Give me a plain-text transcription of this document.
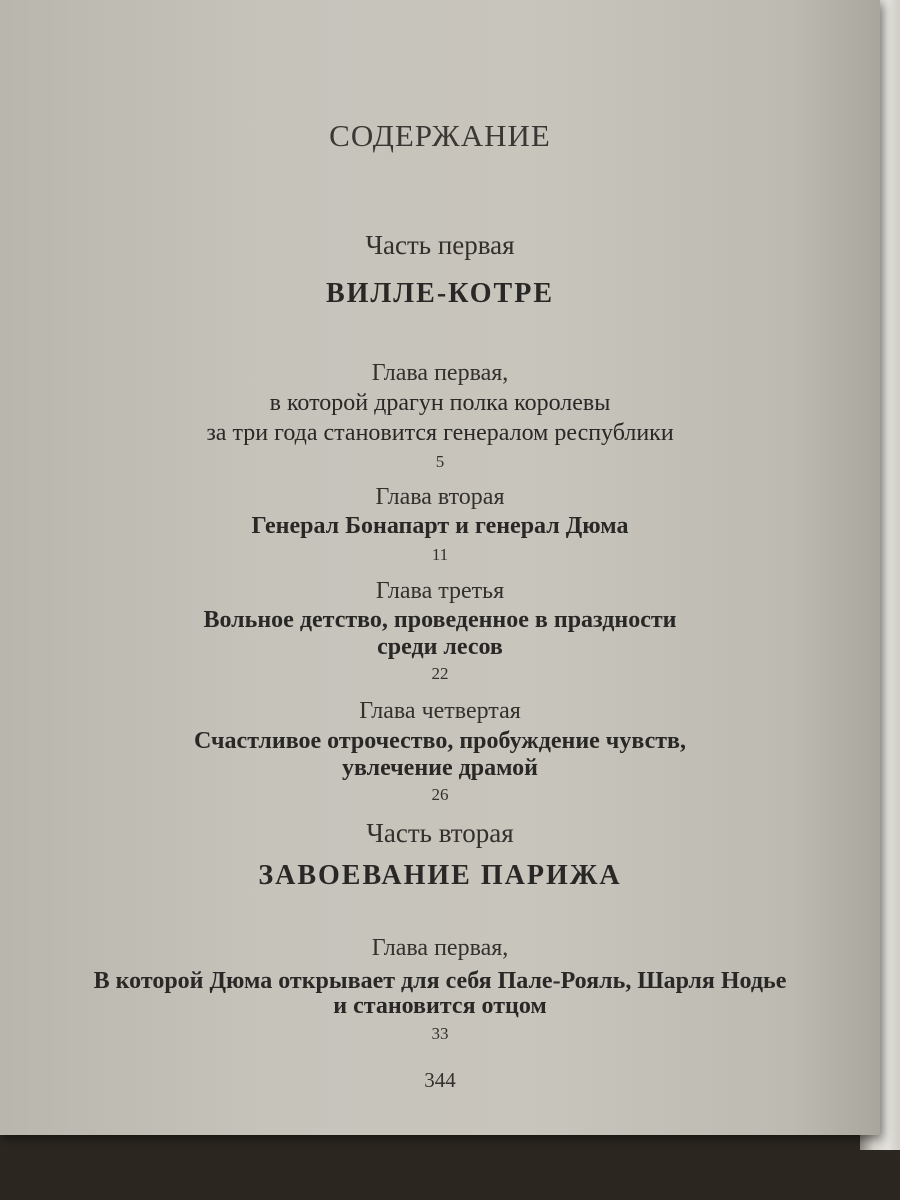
СОДЕРЖАНИЕ
Часть первая
ВИЛЛЕ-КОТРЕ
Глава первая,
в которой драгун полка королевы
за три года становится генералом республики
5
Глава вторая
Генерал Бонапарт и генерал Дюма
11
Глава третья
Вольное детство, проведенное в праздности
среди лесов
22
Глава четвертая
Счастливое отрочество, пробуждение чувств,
увлечение драмой
26
Часть вторая
ЗАВОЕВАНИЕ ПАРИЖА
Глава первая,
В которой Дюма открывает для себя Пале-Рояль, Шарля Нодье
и становится отцом
33
344
